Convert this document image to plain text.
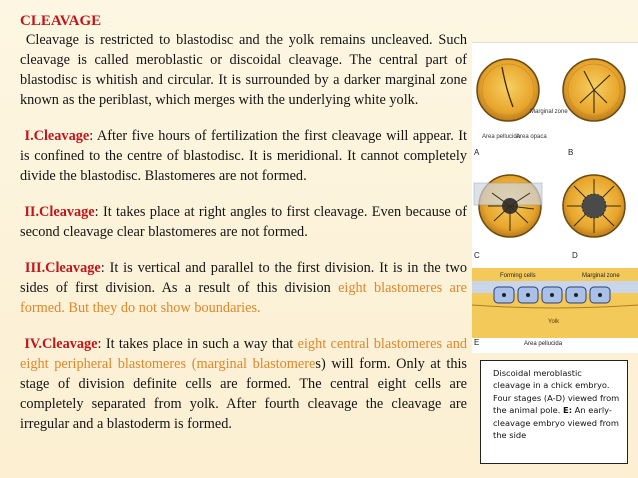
CLEAVAGE

Cleavage is restricted to blastodisc and the yolk remains uncleaved. Such cleavage is called meroblastic or discoidal cleavage. The central part of blastodisc is whitish and circular. It is surrounded by a darker marginal zone known as the periblast, which merges with the underlying white yolk.

I.Cleavage: After five hours of fertilization the first cleavage will appear. It is confined to the centre of blastodisc. It is meridional. It cannot completely divide the blastodisc. Blastomeres are not formed.

II.Cleavage: It takes place at right angles to first cleavage. Even because of second cleavage clear blastomeres are not formed.

III.Cleavage: It is vertical and parallel to the first division. It is in the two sides of first division. As a result of this division eight blastomeres are formed. But they do not show boundaries.

IV.Cleavage: It takes place in such a way that eight central blastomeres and eight peripheral blastomeres (marginal blastomeres) will form. Only at this stage of division definite cells are formed. The central eight cells are completely separated from yolk. After fourth cleavage the cleavage are irregular and a blastoderm is formed.

Area pellucida
Area opaca
Marginal zone
A	B
C	D
Forming cells	Marginal zone
Yolk
Area pellucida
E
Discoidal meroblastic cleavage in a chick embryo. Four stages (A-D) viewed from the animal pole. E: An early-cleavage embryo viewed from the side
